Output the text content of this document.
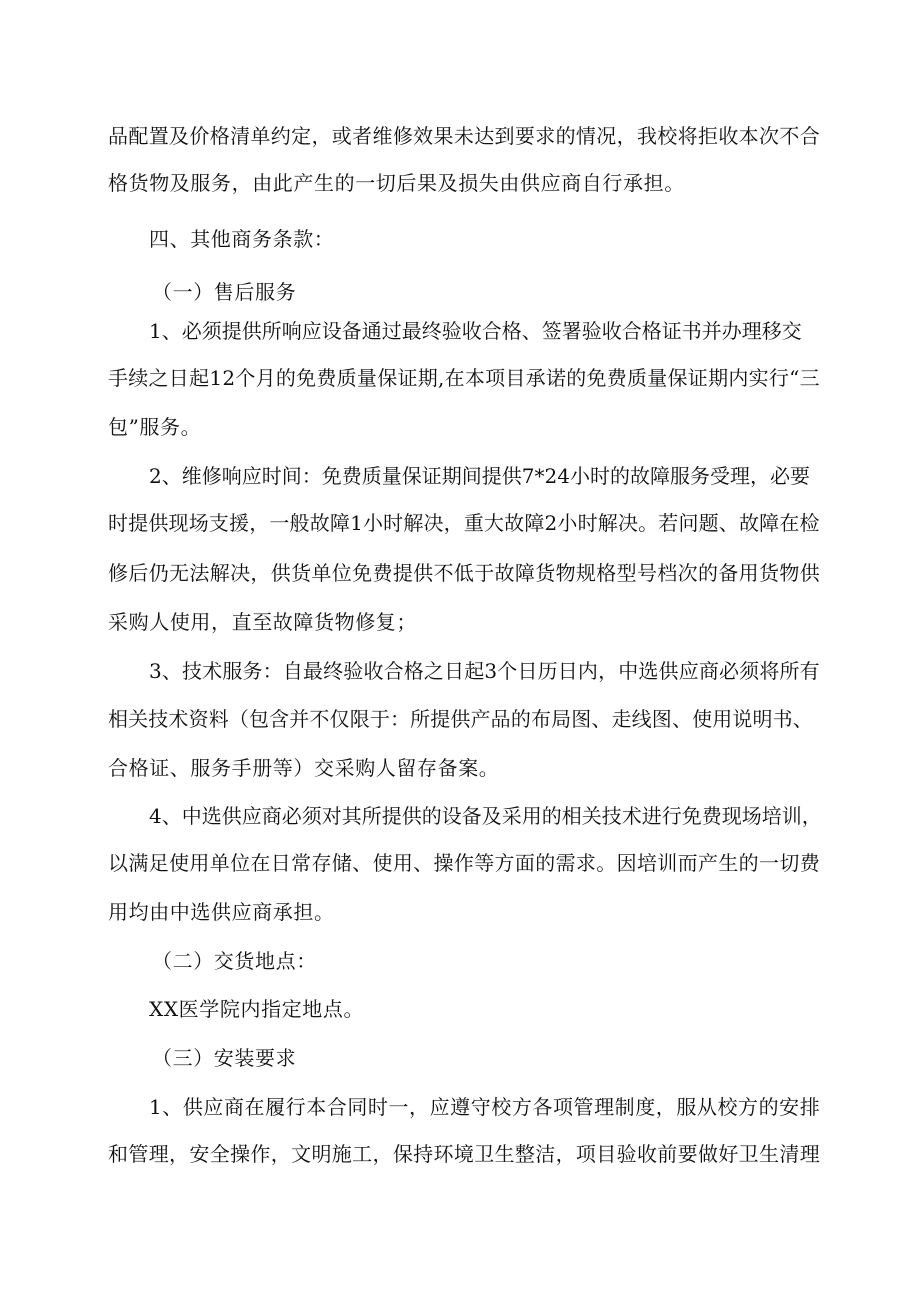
品 配 置 及 价 格 清 单 约 定 ， 或 者 维 修 效 果 未 达 到 要 求 的 情 况 ， 我 校 将 拒 收 本 次 不 合
格货物及服务，由此产生的一切后果及损失由供应商自行承担。
四、其他商务条款：
（一）售后服务
1 、 必 须 提 供 所 响 应 设 备 通 过 最 终 验 收 合 格 、 签 署 验 收 合 格 证 书 并 办 理 移 交
手 续 之 日 起 1 2 个 月 的 免 费 质 量 保 证 期 , 在 本 项 目 承 诺 的 免 费 质 量 保 证 期 内 实 行 “ 三
包”服务。
2 、 维 修 响 应 时 间 ： 免 费 质 量 保 证 期 间 提 供 7 * 2 4 小 时 的 故 障 服 务 受 理 ， 必 要
时 提 供 现 场 支 援 ， 一 般 故 障 1 小 时 解 决 ， 重 大 故 障 2 小 时 解 决 。 若 问 题 、 故 障 在 检
修 后 仍 无 法 解 决 ， 供 货 单 位 免 费 提 供 不 低 于 故 障 货 物 规 格 型 号 档 次 的 备 用 货 物 供
采购人使用，直至故障货物修复；
3 、 技 术 服 务 ： 自 最 终 验 收 合 格 之 日 起 3 个 日 历 日 内 ， 中 选 供 应 商 必 须 将 所 有
相 关 技 术 资 料 （ 包 含 并 不 仅 限 于 ： 所 提 供 产 品 的 布 局 图 、 走 线 图 、 使 用 说 明 书 、
合格证、服务手册等）交采购人留存备案。
4 、 中 选 供 应 商 必 须 对 其 所 提 供 的 设 备 及 采 用 的 相 关 技 术 进 行 免 费 现 场 培 训 ，
以 满 足 使 用 单 位 在 日 常 存 储 、 使 用 、 操 作 等 方 面 的 需 求 。 因 培 训 而 产 生 的 一 切 费
用均由中选供应商承担。
（二）交货地点：
XX医学院内指定地点。
（三）安装要求
1 、 供 应 商 在 履 行 本 合 同 时 一 ， 应 遵 守 校 方 各 项 管 理 制 度 ， 服 从 校 方 的 安 排
和 管 理 ， 安 全 操 作 ， 文 明 施 工 ， 保 持 环 境 卫 生 整 洁 ， 项 目 验 收 前 要 做 好 卫 生 清 理
